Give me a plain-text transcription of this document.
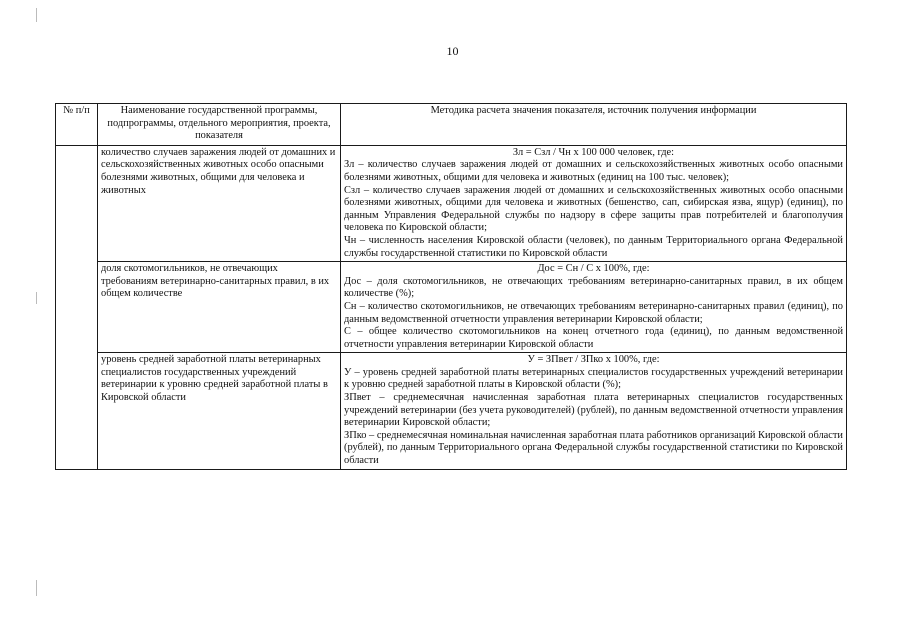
10
№ п/п	Наименование государственной программы, подпрограммы, отдельного мероприятия, проекта, показателя	Методика расчета значения показателя, источник получения информации
	количество случаев заражения людей от домашних и сельскохозяйственных животных особо опасными болезнями животных, общими для человека и животных	Зл = Сзл / Чн x 100 000 человек, где:
Зл – количество случаев заражения людей от домашних и сельскохозяйственных животных особо опасными болезнями животных, общими для человека и животных (единиц на 100 тыс. человек);
Сзл – количество случаев заражения людей от домашних и сельскохозяйственных животных особо опасными болезнями животных, общими для человека и животных (бешенство, сап, сибирская язва, ящур) (единиц), по данным Управления Федеральной службы по надзору в сфере защиты прав потребителей и благополучия человека по Кировской области;
Чн – численность населения Кировской области (человек), по данным Территориального органа Федеральной службы государственной статистики по Кировской области

	доля скотомогильников, не отвечающих требованиям ветеринарно-санитарных правил, в их общем количестве	Дос = Сн / С x 100%, где:
Дос – доля скотомогильников, не отвечающих требованиям ветеринарно-санитарных правил, в их общем количестве (%);
Сн – количество скотомогильников, не отвечающих требованиям ветеринарно-санитарных правил (единиц), по данным ведомственной отчетности управления ветеринарии Кировской области;
С – общее количество скотомогильников на конец отчетного года (единиц), по данным ведомственной отчетности управления ветеринарии Кировской области

	уровень средней заработной платы ветеринарных специалистов государственных учреждений ветеринарии к уровню средней заработной платы в Кировской области	У = ЗПвет / ЗПко x 100%, где:
У – уровень средней заработной платы ветеринарных специалистов государственных учреждений ветеринарии к уровню средней заработной платы в Кировской области (%);
ЗПвет – среднемесячная начисленная заработная плата ветеринарных специалистов государственных учреждений ветеринарии (без учета руководителей) (рублей), по данным ведомственной отчетности управления ветеринарии Кировской области;
ЗПко – среднемесячная номинальная начисленная заработная плата работников организаций Кировской области (рублей), по данным Территориального органа Федеральной службы государственной статистики по Кировской области
